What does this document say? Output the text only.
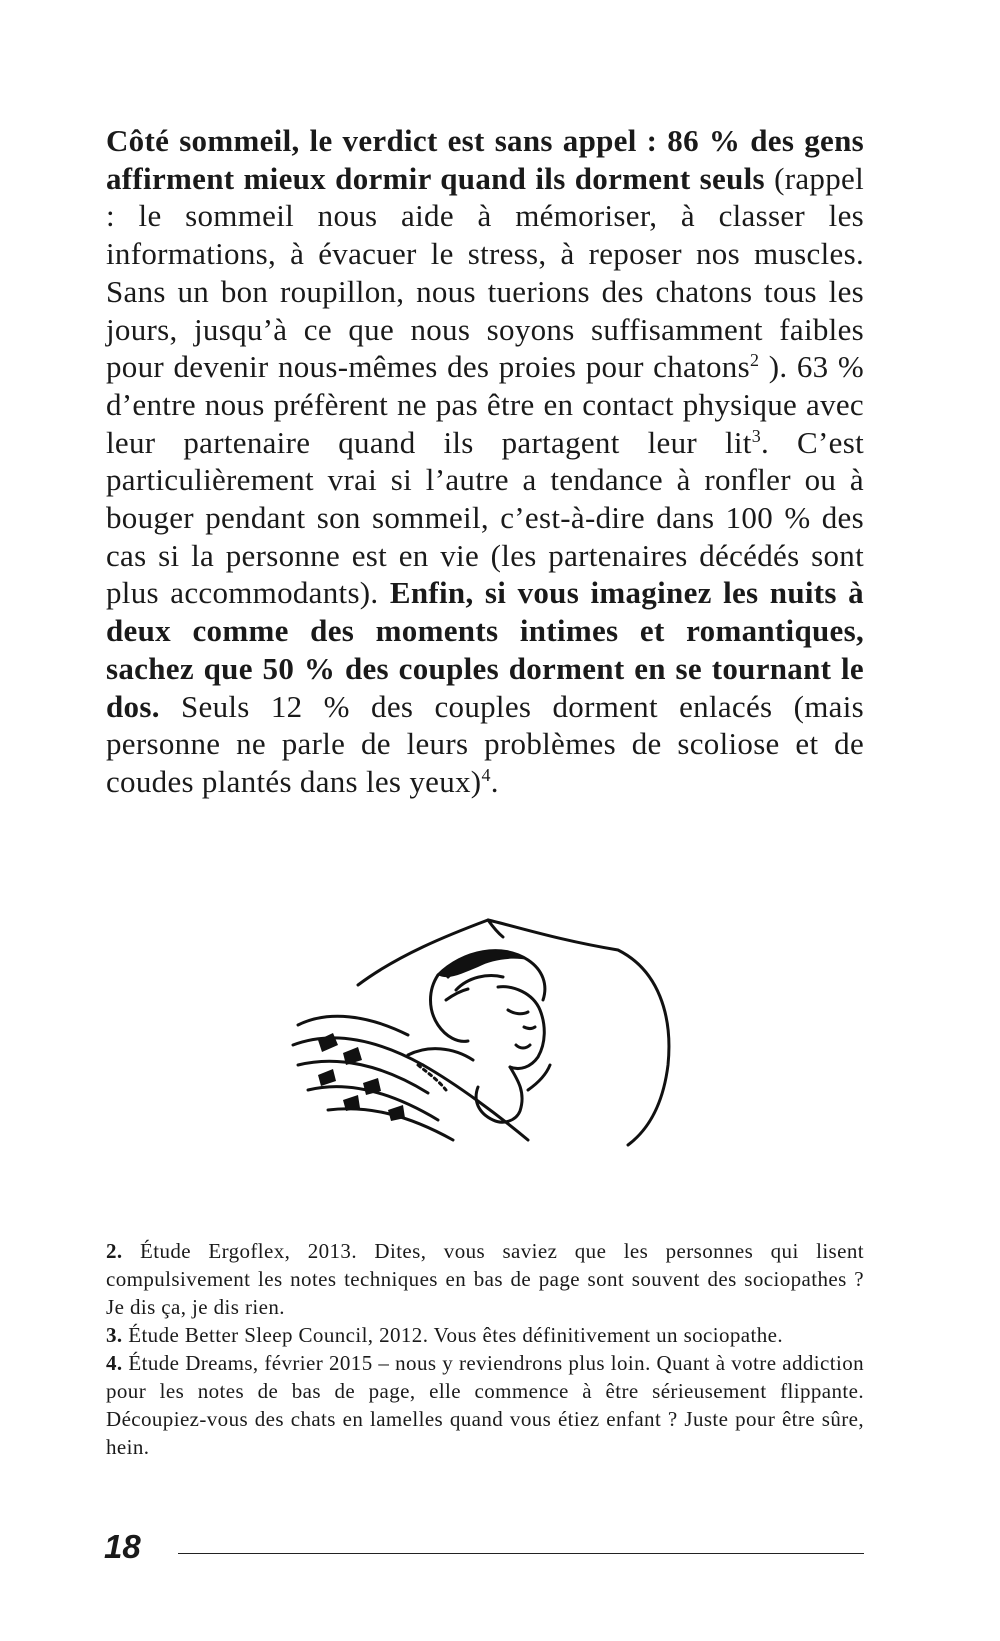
Côté sommeil, le verdict est sans appel : 86 % des gens affirment mieux dormir quand ils dorment seuls (rappel : le sommeil nous aide à mémoriser, à classer les informations, à évacuer le stress, à reposer nos muscles. Sans un bon roupillon, nous tuerions des chatons tous les jours, jusqu’à ce que nous soyons suffisamment faibles pour devenir nous-mêmes des proies pour chatons$^2$ ). 63 % d’entre nous préfèrent ne pas être en contact physique avec leur partenaire quand ils partagent leur lit$^3$. C’est particulièrement vrai si l’autre a tendance à ronfler ou à bouger pendant son sommeil, c’est-à-dire dans 100 % des cas si la personne est en vie (les partenaires décédés sont plus accommodants). Enfin, si vous imaginez les nuits à deux comme des moments intimes et romantiques, sachez que 50 % des couples dorment en se tournant le dos. Seuls 12 % des couples dorment enlacés (mais personne ne parle de leurs problèmes de scoliose et de coudes plantés dans les yeux)$^4$.

2. Étude Ergoflex, 2013. Dites, vous saviez que les personnes qui lisent compulsivement les notes techniques en bas de page sont souvent des sociopathes ? Je dis ça, je dis rien.

3. Étude Better Sleep Council, 2012. Vous êtes définitivement un sociopathe.

4. Étude Dreams, février 2015 – nous y reviendrons plus loin. Quant à votre addiction pour les notes de bas de page, elle commence à être sérieusement flippante. Découpiez-vous des chats en lamelles quand vous étiez enfant ? Juste pour être sûre, hein.

18
